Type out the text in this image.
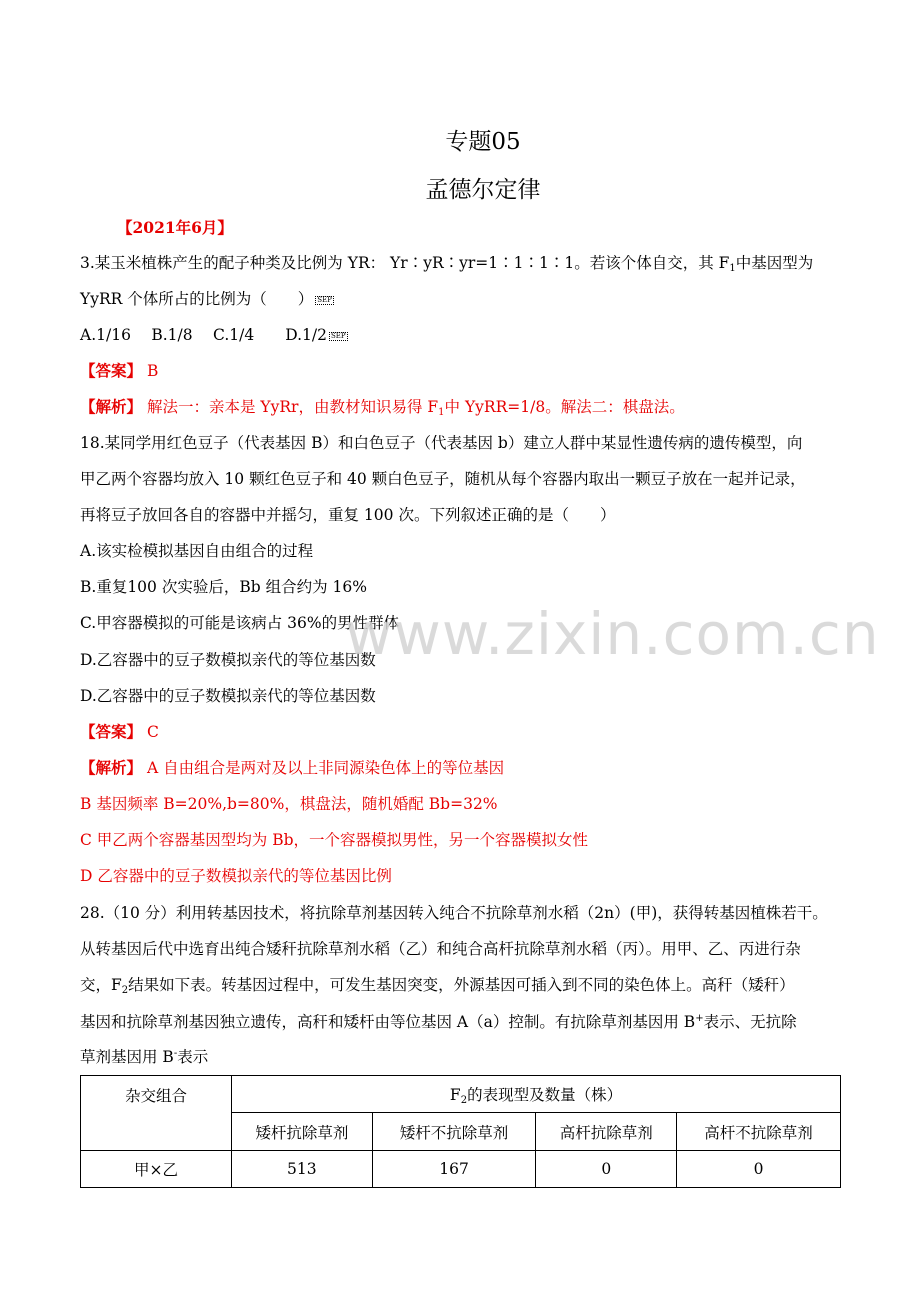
专题05
孟德尔定律
【2021年6月】
3.某玉米植株产生的配子种类及比例为 YR： Yr∶yR∶yr=1∶1∶1∶1。若该个体自交，其 $F_1$中基因型为
YyRR 个体所占的比例为（　　） SEP
A.1/16　 B.1/8　 C.1/4　　D.1/2 SEP
【答案】 B
【解析】 解法一：亲本是 YyRr，由教材知识易得 $F_1$中 YyRR=1/8。解法二：棋盘法。
18.某同学用红色豆子（代表基因 B）和白色豆子（代表基因 b）建立人群中某显性遗传病的遗传模型，向
甲乙两个容器均放入 10 颗红色豆子和 40 颗白色豆子，随机从每个容器内取出一颗豆子放在一起并记录，
再将豆子放回各自的容器中并摇匀，重复 100 次。下列叙述正确的是（　　）
A.该实检模拟基因自由组合的过程
B.重复100 次实验后，Bb 组合约为 16%
C.甲容器模拟的可能是该病占 36%的男性群体
D.乙容器中的豆子数模拟亲代的等位基因数
D.乙容器中的豆子数模拟亲代的等位基因数
【答案】 C
【解析】 A 自由组合是两对及以上非同源染色体上的等位基因
B 基因频率 B=20%,b=80%，棋盘法，随机婚配 Bb=32%
C 甲乙两个容器基因型均为 Bb，一个容器模拟男性，另一个容器模拟女性
D 乙容器中的豆子数模拟亲代的等位基因比例
28.（10 分）利用转基因技术，将抗除草剂基因转入纯合不抗除草剂水稻（2n）(甲)，获得转基因植株若干。
从转基因后代中选育出纯合矮秆抗除草剂水稻（乙）和纯合高杆抗除草剂水稻（丙）。用甲、乙、丙进行杂
交，$F_2$结果如下表。转基因过程中，可发生基因突变，外源基因可插入到不同的染色体上。高秆（矮秆）
基因和抗除草剂基因独立遗传，高秆和矮杆由等位基因 A（a）控制。有抗除草剂基因用 B+表示、无抗除
草剂基因用 B-表示
www.zixin.com.cn
杂交组合	$F_2$的表现型及数量（株）			
	矮杆抗除草剂	矮杆不抗除草剂	高杆抗除草剂	高杆不抗除草剂
甲×乙	513	167	0	0
